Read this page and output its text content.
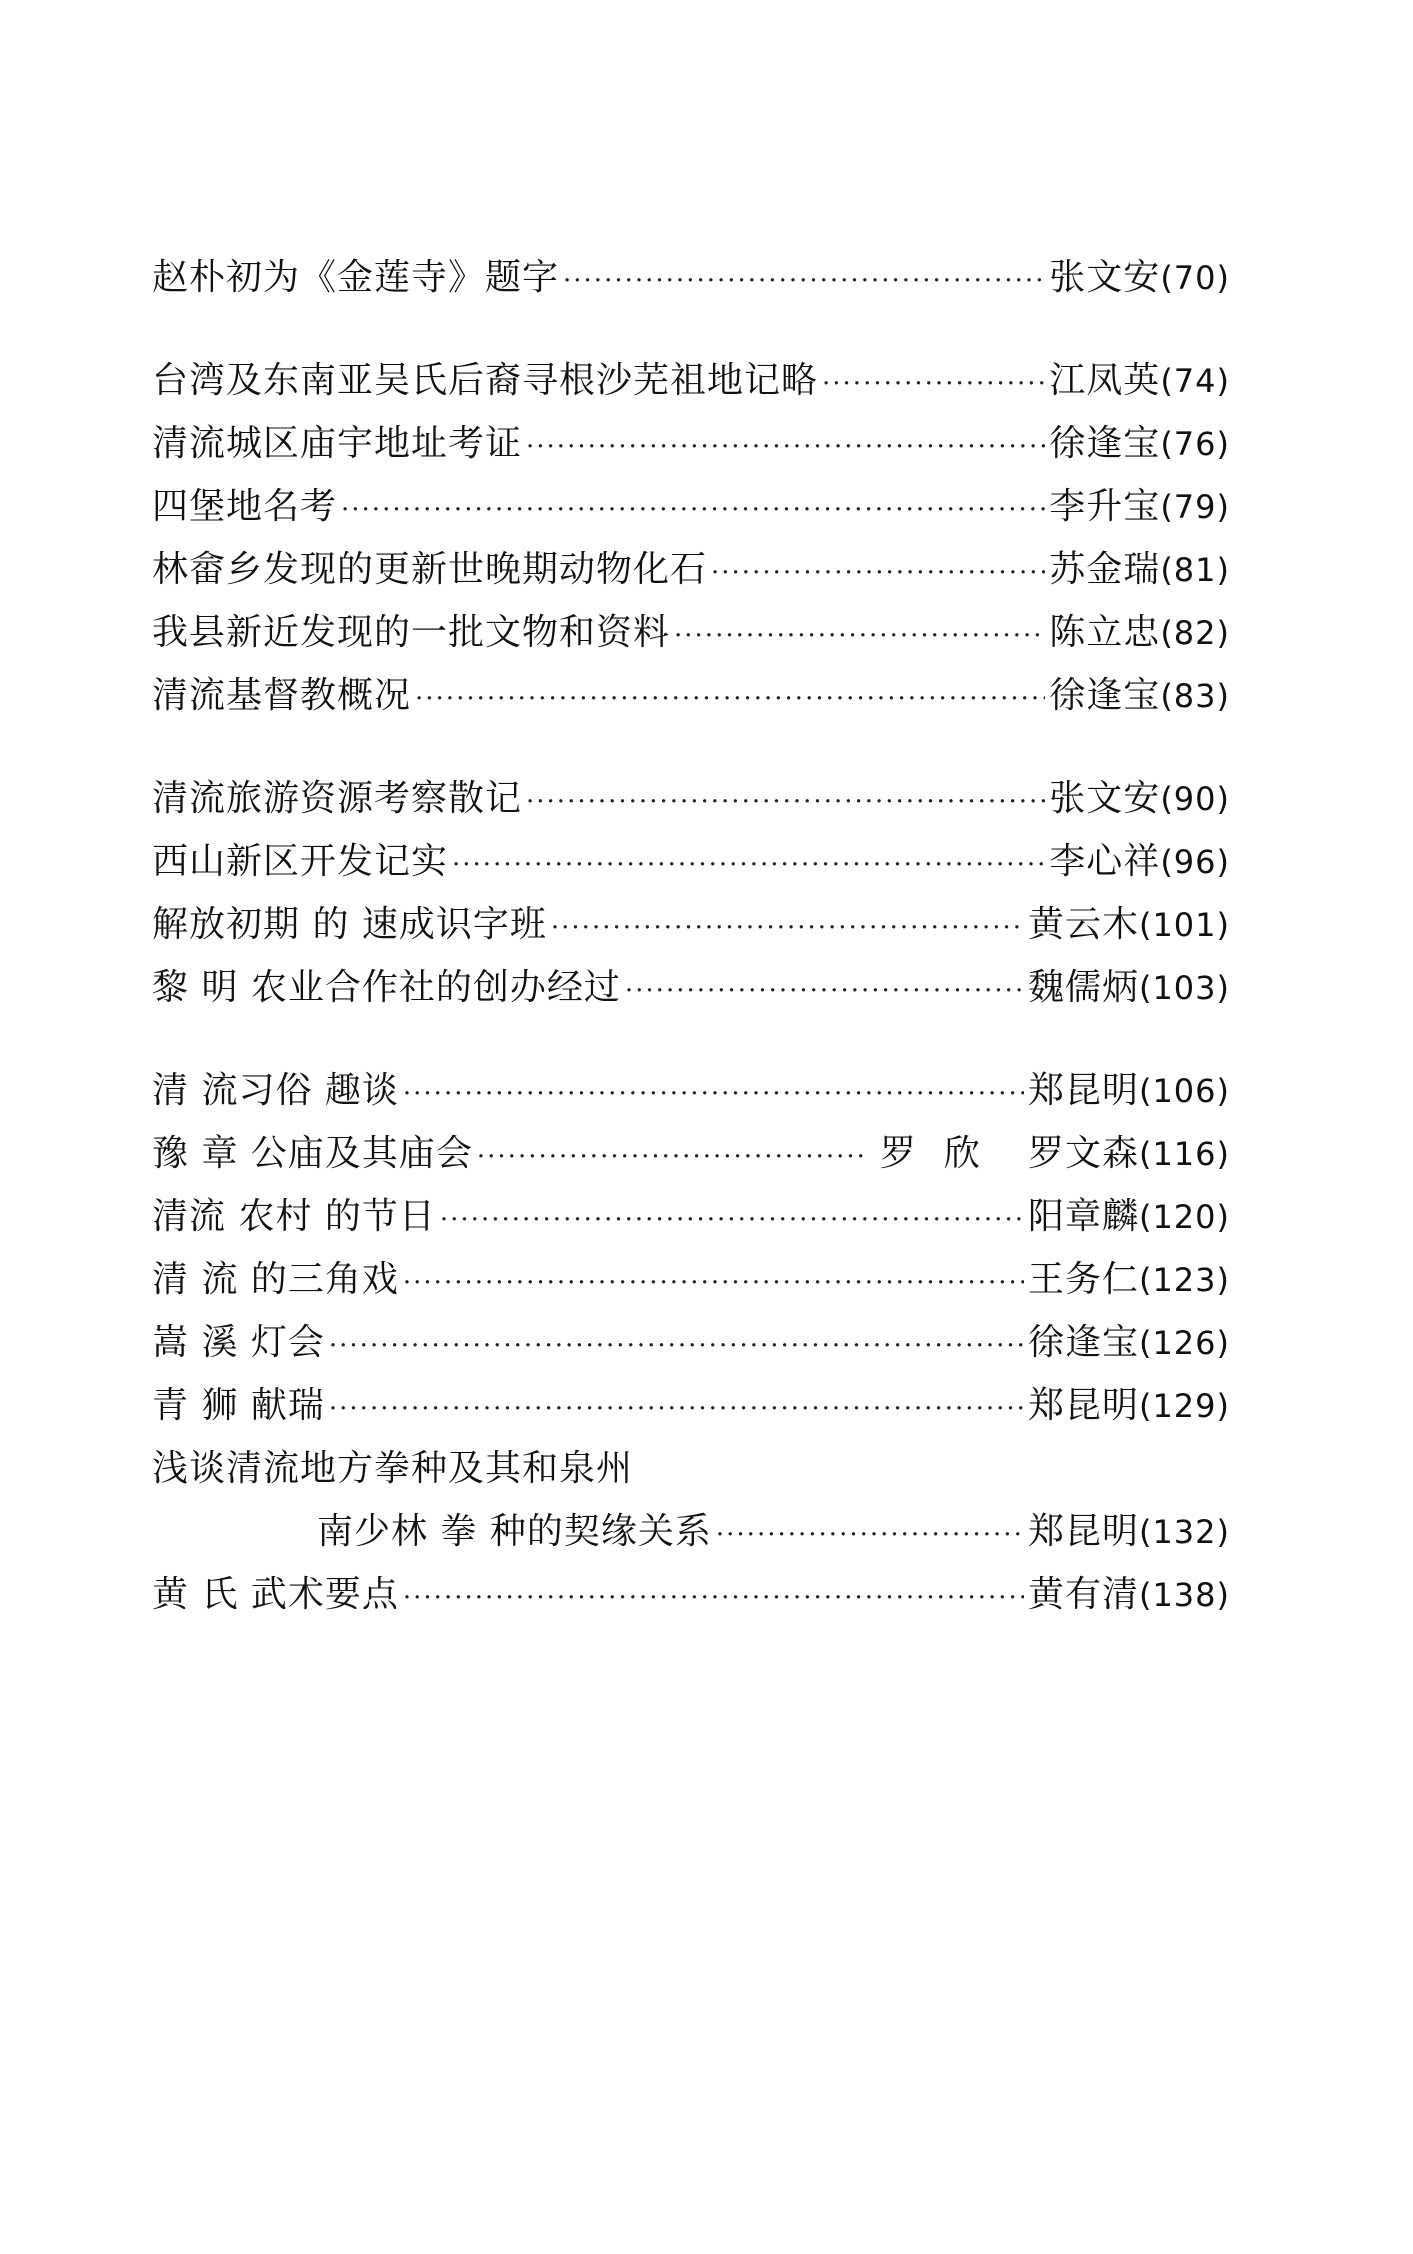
赵朴初为《金莲寺》题字 ·····	张文安 (70)
台湾及东南亚吴氏后裔寻根沙芜祖地记略 ·····	江凤英 (74)
清流城区庙宇地址考证 ·····	徐逢宝 (76)
四堡地名考 ·····	李升宝 (79)
林畲乡发现的更新世晚期动物化石 ·····	苏金瑞 (81)
我县新近发现的一批文物和资料 ·····	陈立忠 (82)
清流基督教概况 ·····	徐逢宝 (83)
清流旅游资源考察散记 ·····	张文安 (90)
西山新区开发记实 ·····	李心祥 (96)
解放初期 的 速成识字班 ·····	黄云木 (101)
黎 明 农业合作社的创办经过 ·····	魏儒炳 (103)
清 流习俗 趣谈 ·····	郑昆明 (106)
豫 章 公庙及其庙会 ·····	罗欣 罗文森 (116)
清流 农村 的节日 ·····	阳章麟 (120)
清 流 的三角戏 ·····	王务仁 (123)
嵩 溪 灯会 ·····	徐逢宝 (126)
青 狮 献瑞 ·····	郑昆明 (129)
浅谈清流地方拳种及其和泉州
南少林 拳 种的契缘关系 ·····	郑昆明 (132)
黄 氏 武术要点 ·····	黄有清 (138)
